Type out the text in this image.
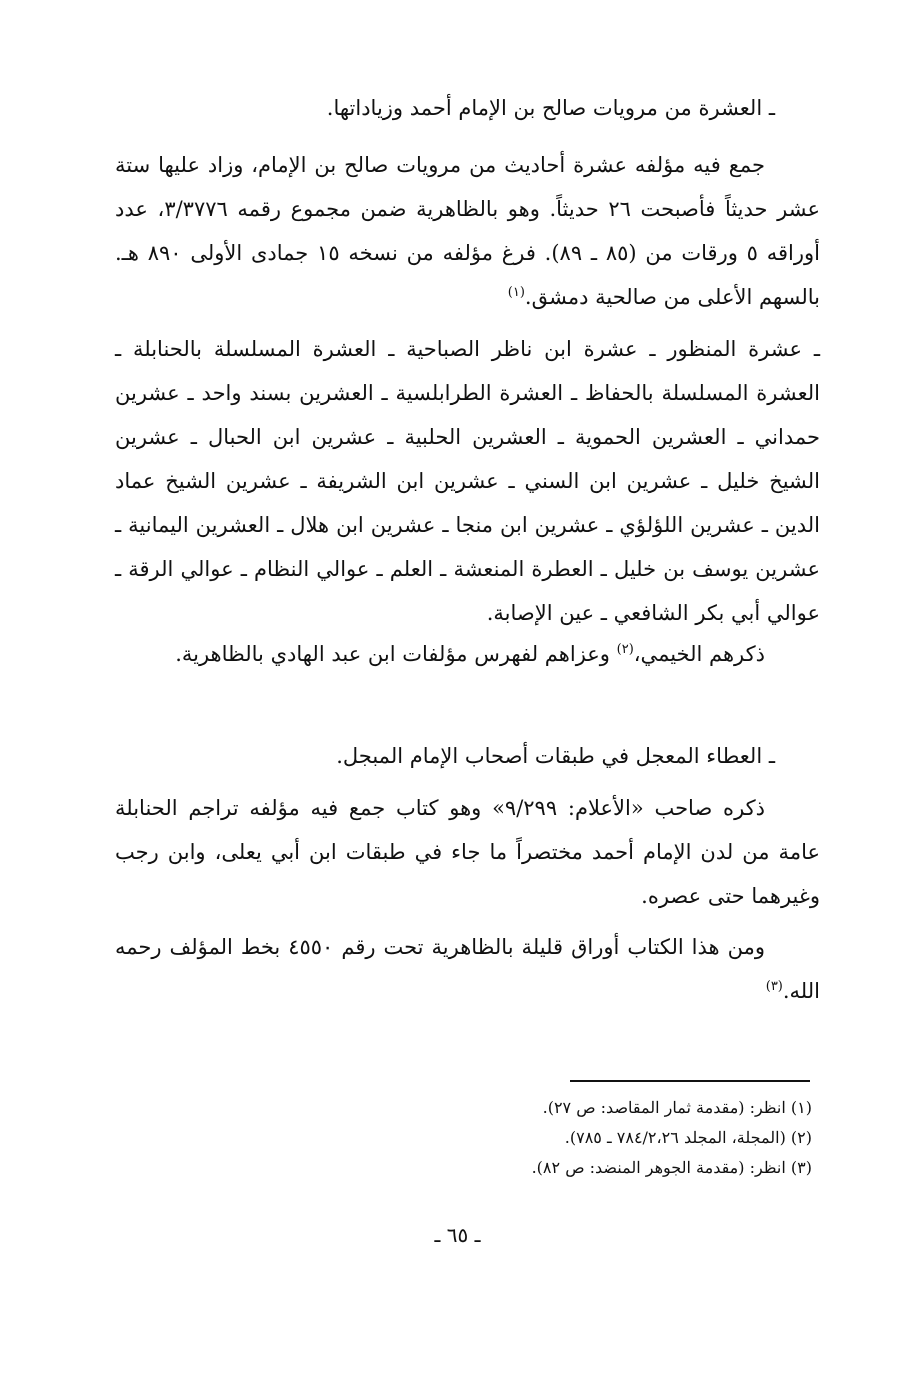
ـ العشرة من مرويات صالح بن الإمام أحمد وزياداتها.
جمع فيه مؤلفه عشرة أحاديث من مرويات صالح بن الإمام، وزاد عليها ستة عشر حديثاً فأصبحت ٢٦ حديثاً. وهو بالظاهرية ضمن مجموع رقمه ٣/٣٧٧٦، عدد أوراقه ٥ ورقات من (٨٥ ـ ٨٩). فرغ مؤلفه من نسخه ١٥ جمادى الأولى ٨٩٠ هـ. بالسهم الأعلى من صالحية دمشق.$^{(١)}$
ـ عشرة المنظور ـ عشرة ابن ناظر الصباحية ـ العشرة المسلسلة بالحنابلة ـ العشرة المسلسلة بالحفاظ ـ العشرة الطرابلسية ـ العشرين بسند واحد ـ عشرين حمداني ـ العشرين الحموية ـ العشرين الحلبية ـ عشرين ابن الحبال ـ عشرين الشيخ خليل ـ عشرين ابن السني ـ عشرين ابن الشريفة ـ عشرين الشيخ عماد الدين ـ عشرين اللؤلؤي ـ عشرين ابن منجا ـ عشرين ابن هلال ـ العشرين اليمانية ـ عشرين يوسف بن خليل ـ العطرة المنعشة ـ العلم ـ عوالي النظام ـ عوالي الرقة ـ عوالي أبي بكر الشافعي ـ عين الإصابة.
ذكرهم الخيمي،$^{(٢)}$ وعزاهم لفهرس مؤلفات ابن عبد الهادي بالظاهرية.
ـ العطاء المعجل في طبقات أصحاب الإمام المبجل.
ذكره صاحب «الأعلام: ٩/٢٩٩» وهو كتاب جمع فيه مؤلفه تراجم الحنابلة عامة من لدن الإمام أحمد مختصراً ما جاء في طبقات ابن أبي يعلى، وابن رجب وغيرهما حتى عصره.
ومن هذا الكتاب أوراق قليلة بالظاهرية تحت رقم ٤٥٥٠ بخط المؤلف رحمه الله.$^{(٣)}$
(١) انظر: (مقدمة ثمار المقاصد: ص ٢٧).
(٢) (المجلة، المجلد ٧٨٤/٢،٢٦ ـ ٧٨٥).
(٣) انظر: (مقدمة الجوهر المنضد: ص ٨٢).
ـ ٦٥ ـ
